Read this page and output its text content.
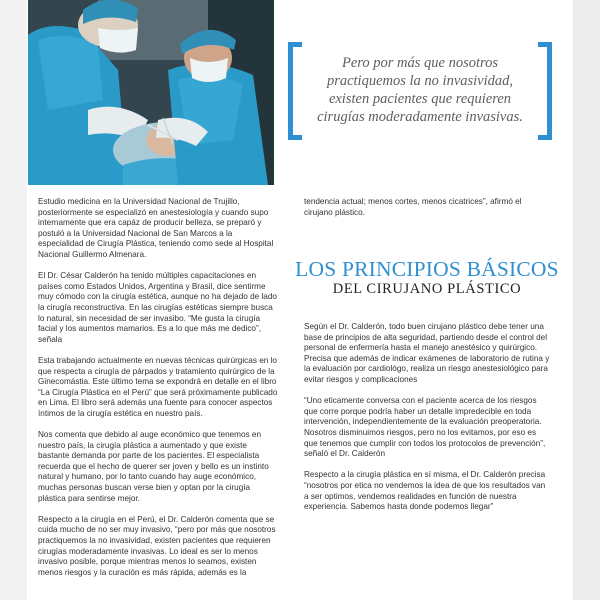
Pero por más que nosotros practiquemos la no invasividad, existen pacientes que requieren cirugías moderadamente invasivas.

Estudio medicina en la Universidad Nacional de Trujillo, posteriormente se especializó en anestesiología y cuando supo internamente que era capáz de producir belleza, se preparó y postuló a la Universidad Nacional de San Marcos a la especialidad de Cirugía Plástica, teniendo como sede al Hospital Nacional Guillermo Almenara.

El Dr. César Calderón ha tenido múltiples capacitaciones en países como Estados Unidos, Argentina y Brasil, dice sentirme muy cómodo con la cirugía estética, aunque no ha dejado de lado la cirugía reconstructiva. En las cirugías estéticas siempre busca lo natural, sin necesidad de ser invasibo. “Me gusta la cirugía facial y los aumentos mamarios. Es a lo que más me dedico”, señala

Esta trabajando actualmente en nuevas técnicas quirúrgicas en lo que respecta a cirugía de párpados y tratamiento quirúrgico de la Ginecomástia. Este último tema se expondrá en detalle en el libro “La Cirugía Plástica en el Perú” que será próximamente publicado en Lima. El libro será además una fuente para conocer aspectos íntimos de la cirugía estética en nuestro país.

Nos comenta que debido al auge económico que tenemos en nuestro país, la cirugía plástica a aumentado y que existe bastante demanda por parte de los pacientes. El especialista recuerda que el hecho de querer ser joven y bello es un instinto natural y humano, por lo tanto cuando hay auge económico, muchas personas buscan verse bien y optan por la cirugía plástica para sentirse mejor.

Respecto a la cirugía en el Perú, el Dr. Calderón comenta que se cuida mucho de no ser muy invasivo, “pero por más que nosotros practiquemos la no invasividad, existen pacientes que requieren cirugías moderadamente invasivas. Lo ideal es ser lo menos invasivo posible, porque mientras menos lo seamos, existen menos riesgos y la curación es más rápida, además es la

tendencia actual; menos cortes, menos cicatrices”, afirmó el cirujano plástico.

LOS PRINCIPIOS BÁSICOS
DEL CIRUJANO PLÁSTICO

Según el Dr. Calderón, todo buen cirujano plástico debe tener una base de principios de alta seguridad, partiendo desde el control del personal de enfermería hasta el manejo anestésico y quirúrgico. Precisa que además de indicar exámenes de laboratorio de rutina y la evaluación por cardiológo, realiza un riesgo anestesiológico para evitar riesgos y complicaciones

“Uno eticamente conversa con el paciente acerca de los riesgos que corre porque podría haber un detalle impredecible en toda intervención, independientemente de la evaluación preoperatoria. Nosotros disminuimos riesgos, pero no los evitamos, por eso es que tenemos que cumplir con todos los protocolos de prevención”, señaló el Dr. Calderón

Respecto a la cirugía plástica en sí misma, el Dr. Calderón precisa “nosotros por etica no vendemos la idea de que los resultados van a ser optimos, vendemos realidades en función de nuestra experiencia. Sabemos hasta donde podemos llegar”
